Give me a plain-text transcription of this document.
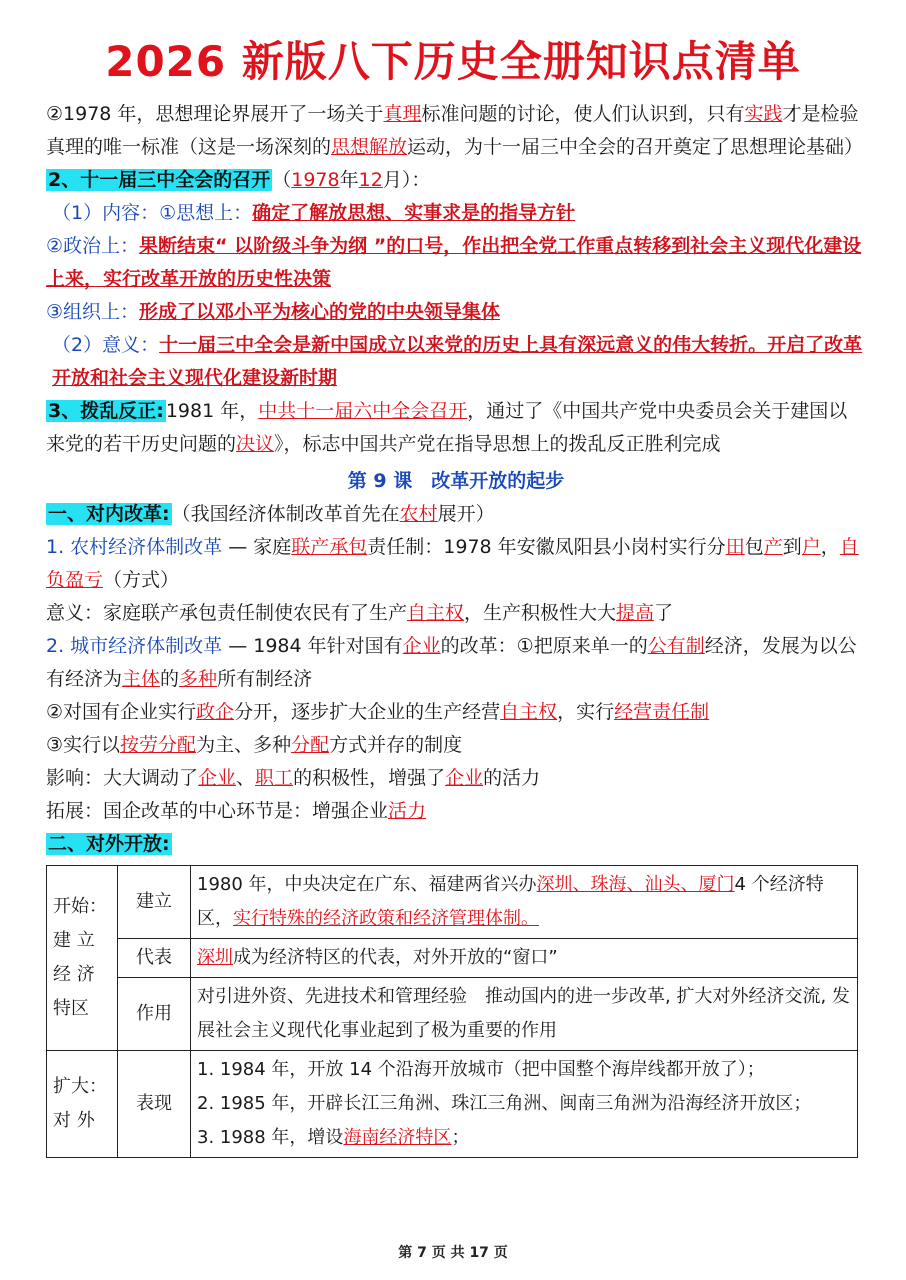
2026 新版八下历史全册知识点清单

②1978 年，思想理论界展开了一场关于真理标准问题的讨论，使人们认识到，只有实践才是检验真理的唯一标准（这是一场深刻的思想解放运动，为十一届三中全会的召开奠定了思想理论基础）

2、十一届三中全会的召开 （1978年12月）：

（1）内容：①思想上：确定了解放思想、实事求是的指导方针

②政治上：果断结束“ 以阶级斗争为纲 ”的口号，作出把全党工作重点转移到社会主义现代化建设上来，实行改革开放的历史性决策

③组织上：形成了以邓小平为核心的党的中央领导集体

（2）意义：十一届三中全会是新中国成立以来党的历史上具有深远意义的伟大转折。开启了改革开放和社会主义现代化建设新时期

3、拨乱反正: 1981 年，中共十一届六中全会召开，通过了《中国共产党中央委员会关于建国以来党的若干历史问题的决议》，标志中国共产党在指导思想上的拨乱反正胜利完成

第 9 课　改革开放的起步

一、对内改革: （我国经济体制改革首先在农村展开）

1. 农村经济体制改革 — 家庭联产承包责任制：1978 年安徽凤阳县小岗村实行分田包产到户，自负盈亏（方式）

意义：家庭联产承包责任制使农民有了生产自主权，生产积极性大大提高了

2. 城市经济体制改革 — 1984 年针对国有企业的改革：①把原来单一的公有制经济，发展为以公有经济为主体的多种所有制经济

②对国有企业实行政企分开，逐步扩大企业的生产经营自主权，实行经营责任制

③实行以按劳分配为主、多种分配方式并存的制度

影响：大大调动了企业、职工的积极性，增强了企业的活力

拓展：国企改革的中心环节是：增强企业活力

二、对外开放:

开始：建 立 经 济 特区	建立	1980 年，中央决定在广东、福建两省兴办深圳、珠海、汕头、厦门4 个经济特区，实行特殊的经济政策和经济管理体制。
	代表	深圳成为经济特区的代表，对外开放的“窗口”
	作用	对引进外资、先进技术和管理经验　推动国内的进一步改革, 扩大对外经济交流, 发展社会主义现代化事业起到了极为重要的作用
扩大：对 外	表现	1. 1984 年，开放 14 个沿海开放城市（把中国整个海岸线都开放了）；
2. 1985 年，开辟长江三角洲、珠江三角洲、闽南三角洲为沿海经济开放区；
3. 1988 年，增设海南经济特区；
第 7 页 共 17 页
